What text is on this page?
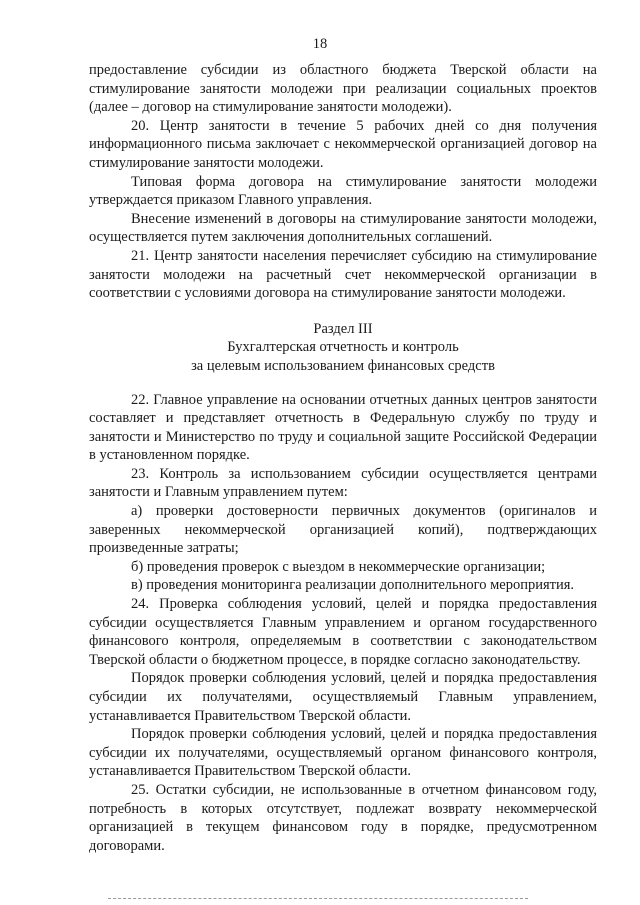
18

предоставление субсидии из областного бюджета Тверской области на стимулирование занятости молодежи при реализации социальных проектов (далее – договор на стимулирование занятости молодежи).

20. Центр занятости в течение 5 рабочих дней со дня получения информационного письма заключает с некоммерческой организацией договор на стимулирование занятости молодежи.

Типовая форма договора на стимулирование занятости молодежи утверждается приказом Главного управления.

Внесение изменений в договоры на стимулирование занятости молодежи, осуществляется путем заключения дополнительных соглашений.

21. Центр занятости населения перечисляет субсидию на стимулирование занятости молодежи на расчетный счет некоммерческой организации в соответствии с условиями договора на стимулирование занятости молодежи.

Раздел III
Бухгалтерская отчетность и контроль
за целевым использованием финансовых средств

22. Главное управление на основании отчетных данных центров занятости составляет и представляет отчетность в Федеральную службу по труду и занятости и Министерство по труду и социальной защите Российской Федерации в установленном порядке.

23. Контроль за использованием субсидии осуществляется центрами занятости и Главным управлением путем:

а) проверки достоверности первичных документов (оригиналов и заверенных некоммерческой организацией копий), подтверждающих произведенные затраты;

б) проведения проверок с выездом в некоммерческие организации;

в) проведения мониторинга реализации дополнительного мероприятия.

24. Проверка соблюдения условий, целей и порядка предоставления субсидии осуществляется Главным управлением и органом государственного финансового контроля, определяемым в соответствии с законодательством Тверской области о бюджетном процессе, в порядке согласно законодательству.

Порядок проверки соблюдения условий, целей и порядка предоставления субсидии их получателями, осуществляемый Главным управлением, устанавливается Правительством Тверской области.

Порядок проверки соблюдения условий, целей и порядка предоставления субсидии их получателями, осуществляемый органом финансового контроля, устанавливается Правительством Тверской области.

25. Остатки субсидии, не использованные в отчетном финансовом году, потребность в которых отсутствует, подлежат возврату некоммерческой организацией в текущем финансовом году в порядке, предусмотренном договорами.
